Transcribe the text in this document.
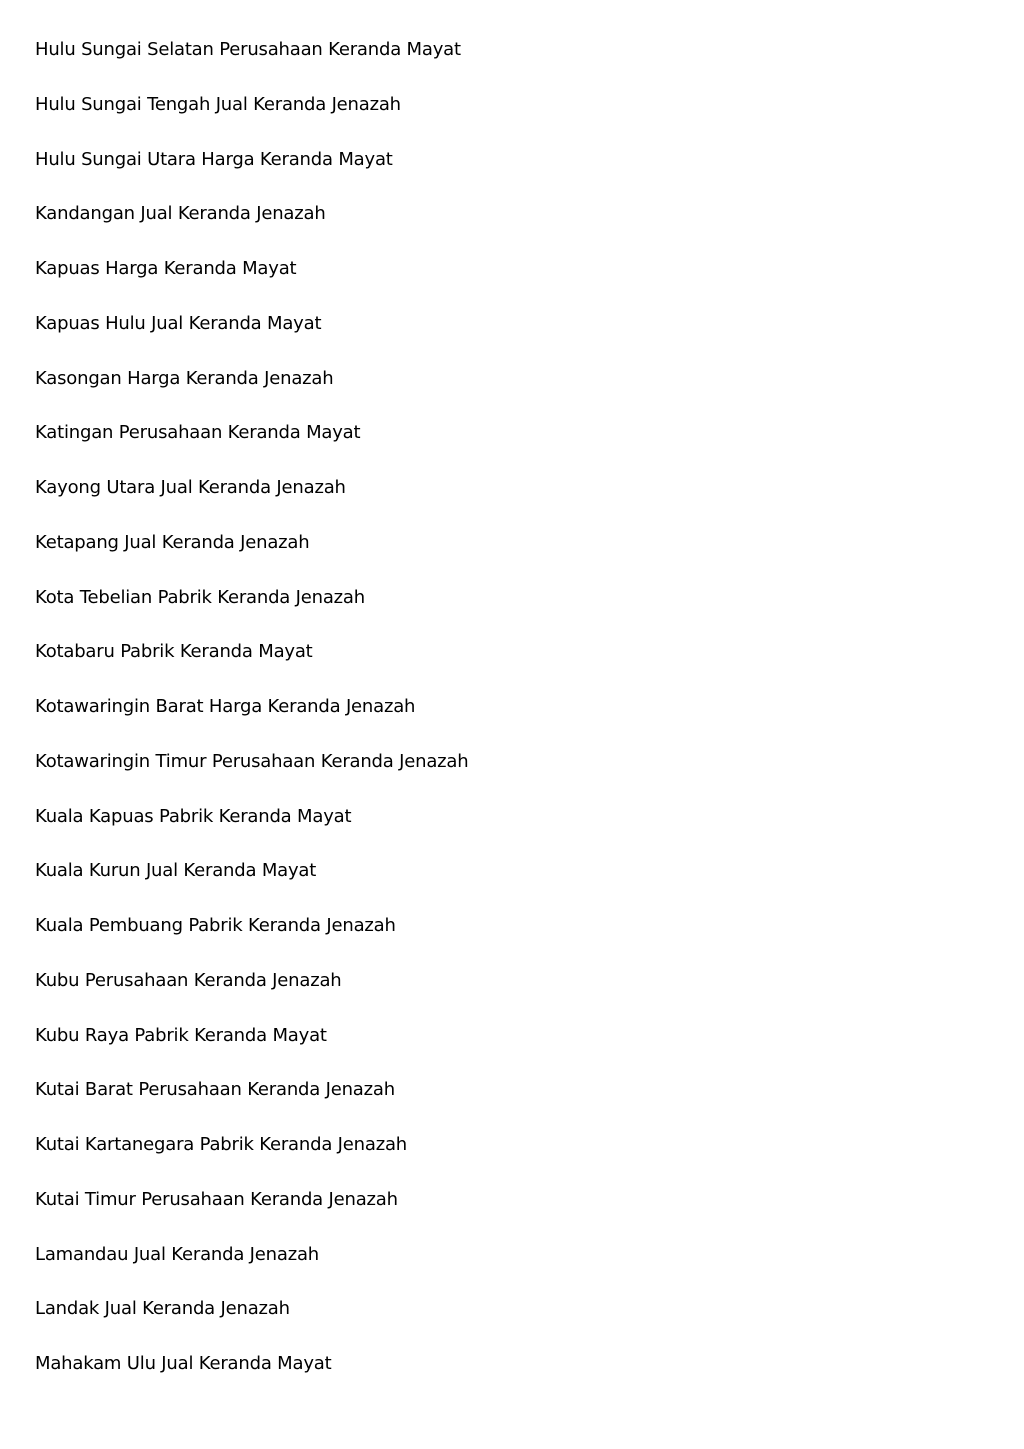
Hulu Sungai Selatan Perusahaan Keranda Mayat
Hulu Sungai Tengah Jual Keranda Jenazah
Hulu Sungai Utara Harga Keranda Mayat
Kandangan Jual Keranda Jenazah
Kapuas Harga Keranda Mayat
Kapuas Hulu Jual Keranda Mayat
Kasongan Harga Keranda Jenazah
Katingan Perusahaan Keranda Mayat
Kayong Utara Jual Keranda Jenazah
Ketapang Jual Keranda Jenazah
Kota Tebelian Pabrik Keranda Jenazah
Kotabaru Pabrik Keranda Mayat
Kotawaringin Barat Harga Keranda Jenazah
Kotawaringin Timur Perusahaan Keranda Jenazah
Kuala Kapuas Pabrik Keranda Mayat
Kuala Kurun Jual Keranda Mayat
Kuala Pembuang Pabrik Keranda Jenazah
Kubu Perusahaan Keranda Jenazah
Kubu Raya Pabrik Keranda Mayat
Kutai Barat Perusahaan Keranda Jenazah
Kutai Kartanegara Pabrik Keranda Jenazah
Kutai Timur Perusahaan Keranda Jenazah
Lamandau Jual Keranda Jenazah
Landak Jual Keranda Jenazah
Mahakam Ulu Jual Keranda Mayat
